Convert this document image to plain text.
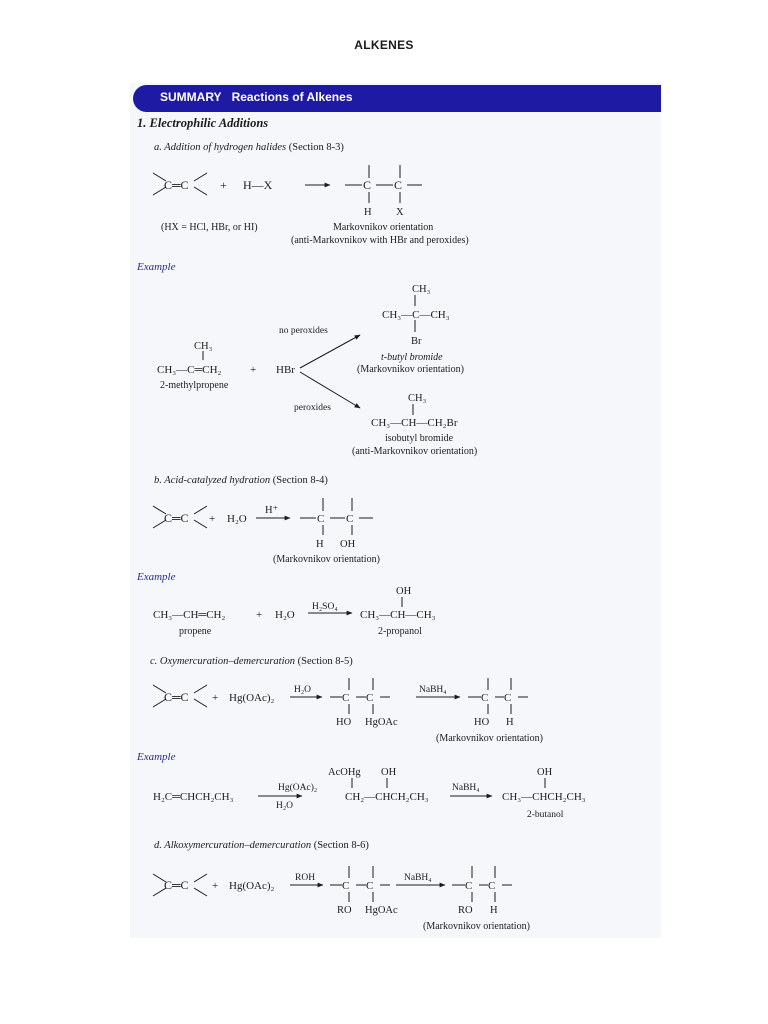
ALKENES
SUMMARY Reactions of Alkenes
1. Electrophilic Additions
a. Addition of hydrogen halides (Section 8-3)
C═C	+ H—X	C C
H X
(HX = HCl, HBr, or HI)	Markovnikov orientation
(anti-Markovnikov with HBr and peroxides)
Example
CH₃
CH₃—C—CH₃
Br
no peroxides
CH₃
CH₃—C═CH₂	+ HBr
2-methylpropene
t-butyl bromide
(Markovnikov orientation)
peroxides
CH₃
CH₃—CH—CH₂Br
isobutyl bromide
(anti-Markovnikov orientation)
b. Acid-catalyzed hydration (Section 8-4)
C═C + H₂O
H⁺
C C
H OH
(Markovnikov orientation)
Example
OH
H₂SO₄
CH₃—CH═CH₂	+ H₂O	CH₃—CH—CH₃
propene	2-propanol
c. Oxymercuration–demercuration (Section 8-5)
C═C + Hg(OAc)₂
H₂O
C C
HO HgOAc
NaBH₄
C C
HO H
(Markovnikov orientation)
Example
AcOHg OH	OH
Hg(OAc)₂	NaBH₄
H₂C═CHCH₂CH₃	CH₂—CHCH₂CH₃	CH₃—CHCH₂CH₃
H₂O
2-butanol
d. Alkoxymercuration–demercuration (Section 8-6)
C═C + Hg(OAc)₂
ROH
C C
RO HgOAc
NaBH₄
C C
RO H
(Markovnikov orientation)
